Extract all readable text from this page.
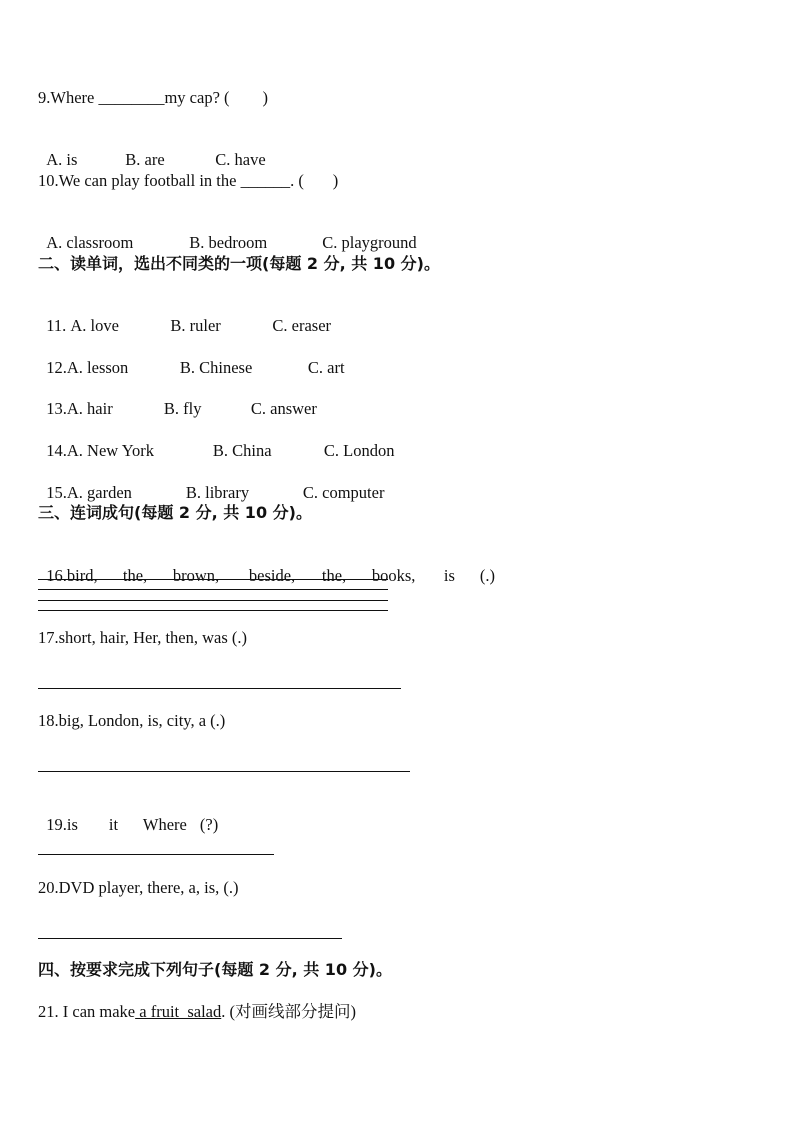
9.Where ________my cap? (        )

A. is	B. are	C. have

10.We can play football in the ______. (       )

A. classroom	B. bedroom	C. playground

二、读单词，选出不同类的一项(每题 2 分, 共 10 分)。

11. A. love	B. ruler	C. eraser

12.A. lesson	B. Chinese	C. art

13.A. hair	B. fly	C. answer

14.A. New York	B. China	C. London

15.A. garden	B. library	C. computer

三、连词成句(每题 2 分, 共 10 分)。

16.bird, the, brown, beside, the, books, is (.)

17.short, hair, Her, then, was (.)
18.big, London, is, city, a (.)

19.is it Where (?)

20.DVD player, there, a, is, (.)
四、按要求完成下列句子(每题 2 分, 共 10 分)。
21. I can make a fruit  salad. (对画线部分提问)
